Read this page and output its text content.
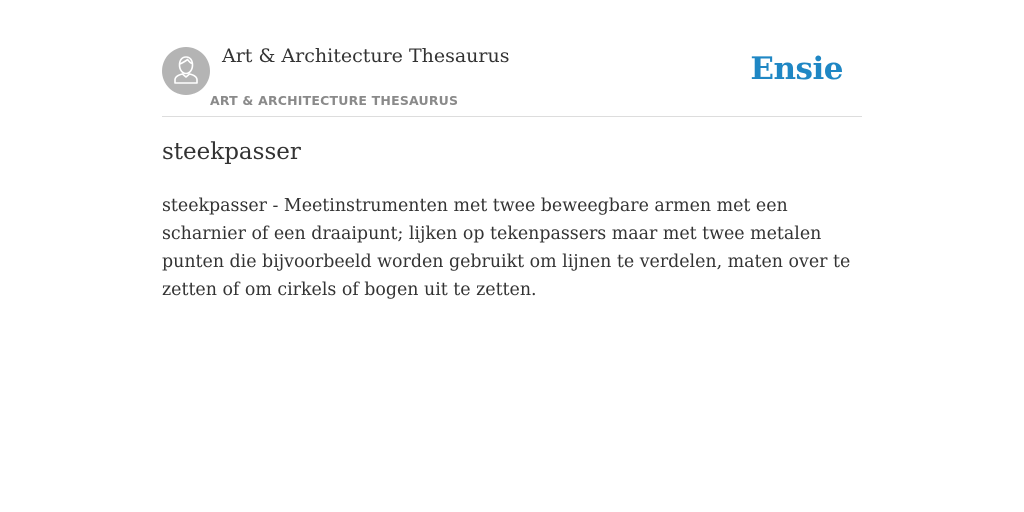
Art & Architecture Thesaurus
ART & ARCHITECTURE THESAURUS
Ensie
steekpasser

steekpasser - Meetinstrumenten met twee beweegbare armen met een scharnier of een draaipunt; lijken op tekenpassers maar met twee metalen punten die bijvoorbeeld worden gebruikt om lijnen te verdelen, maten over te zetten of om cirkels of bogen uit te zetten.
